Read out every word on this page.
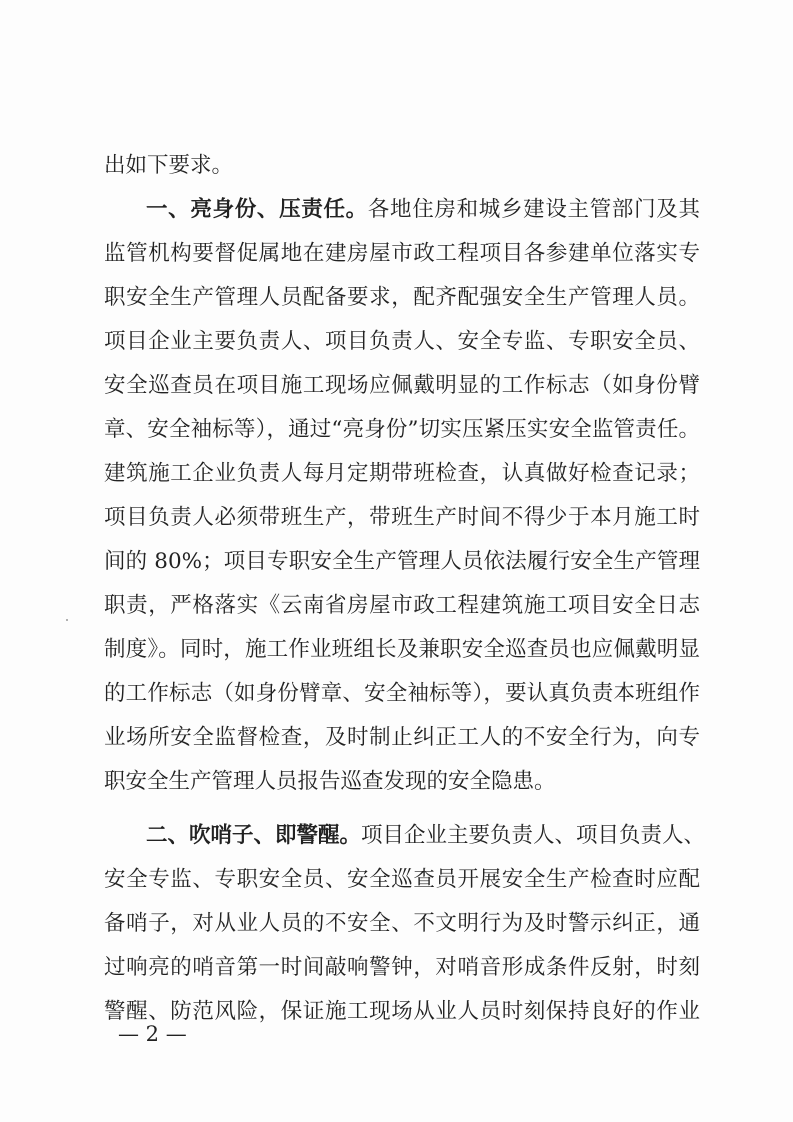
出如下要求。
一、亮身份、压责任。各地住房和城乡建设主管部门及其
监管机构要督促属地在建房屋市政工程项目各参建单位落实专
职安全生产管理人员配备要求，配齐配强安全生产管理人员。
项目企业主要负责人、项目负责人、安全专监、专职安全员、
安全巡查员在项目施工现场应佩戴明显的工作标志（如身份臂
章、安全袖标等），通过“亮身份”切实压紧压实安全监管责任。
建筑施工企业负责人每月定期带班检查，认真做好检查记录；
项目负责人必须带班生产，带班生产时间不得少于本月施工时
间的 80%；项目专职安全生产管理人员依法履行安全生产管理
职责，严格落实《云南省房屋市政工程建筑施工项目安全日志
制度》。同时，施工作业班组长及兼职安全巡查员也应佩戴明显
的工作标志（如身份臂章、安全袖标等），要认真负责本班组作
业场所安全监督检查，及时制止纠正工人的不安全行为，向专
职安全生产管理人员报告巡查发现的安全隐患。
二、吹哨子、即警醒。项目企业主要负责人、项目负责人、
安全专监、专职安全员、安全巡查员开展安全生产检查时应配
备哨子，对从业人员的不安全、不文明行为及时警示纠正，通
过响亮的哨音第一时间敲响警钟，对哨音形成条件反射，时刻
警醒、防范风险，保证施工现场从业人员时刻保持良好的作业
— 2 —
